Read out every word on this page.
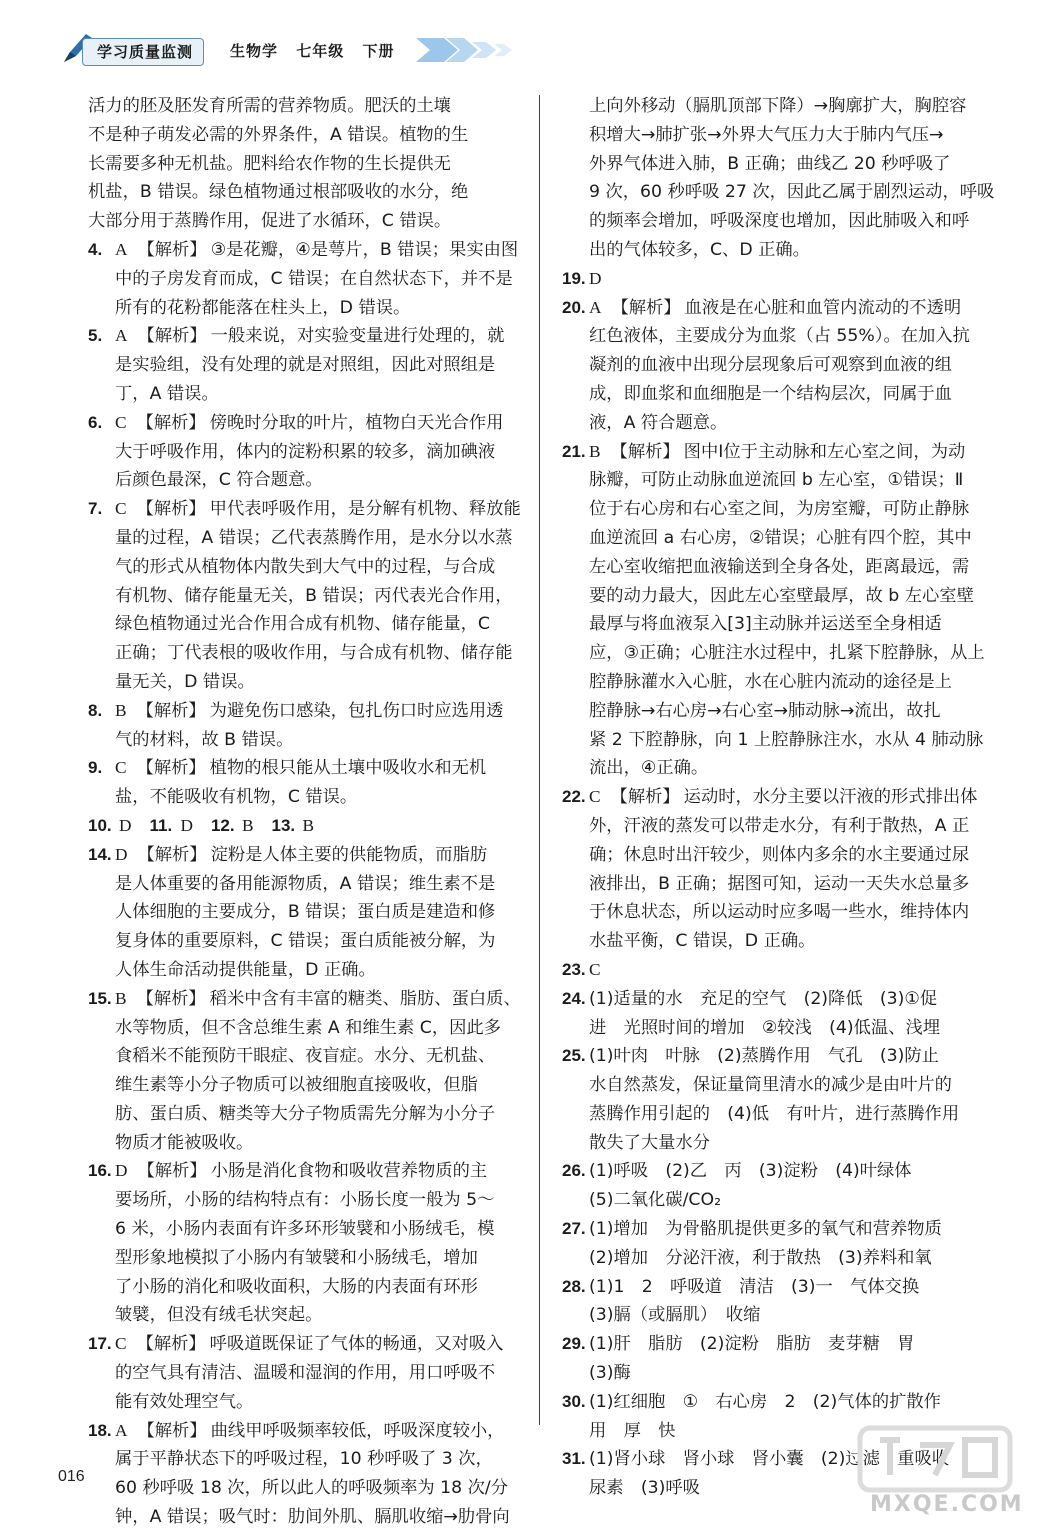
学习质量监测	生物学 七年级 下册

活力的胚及胚发育所需的营养物质。肥沃的土壤

不是种子萌发必需的外界条件，A 错误。植物的生

长需要多种无机盐。肥料给农作物的生长提供无

机盐，B 错误。绿色植物通过根部吸收的水分，绝

大部分用于蒸腾作用，促进了水循环，C 错误。

4. A 【解析】 ③是花瓣，④是萼片，B 错误；果实由图

中的子房发育而成，C 错误；在自然状态下，并不是

所有的花粉都能落在柱头上，D 错误。

5. A 【解析】 一般来说，对实验变量进行处理的，就

是实验组，没有处理的就是对照组，因此对照组是

丁，A 错误。

6. C 【解析】 傍晚时分取的叶片，植物白天光合作用

大于呼吸作用，体内的淀粉积累的较多，滴加碘液

后颜色最深，C 符合题意。

7. C 【解析】 甲代表呼吸作用，是分解有机物、释放能

量的过程，A 错误；乙代表蒸腾作用，是水分以水蒸

气的形式从植物体内散失到大气中的过程，与合成

有机物、储存能量无关，B 错误；丙代表光合作用，

绿色植物通过光合作用合成有机物、储存能量，C

正确；丁代表根的吸收作用，与合成有机物、储存能

量无关，D 错误。

8. B 【解析】 为避免伤口感染，包扎伤口时应选用透

气的材料，故 B 错误。

9. C 【解析】 植物的根只能从土壤中吸收水和无机

盐，不能吸收有机物，C 错误。

10. D 11. D 12. B 13. B

14. D 【解析】 淀粉是人体主要的供能物质，而脂肪

是人体重要的备用能源物质，A 错误；维生素不是

人体细胞的主要成分，B 错误；蛋白质是建造和修

复身体的重要原料，C 错误；蛋白质能被分解，为

人体生命活动提供能量，D 正确。

15. B 【解析】 稻米中含有丰富的糖类、脂肪、蛋白质、

水等物质，但不含总维生素 A 和维生素 C，因此多

食稻米不能预防干眼症、夜盲症。水分、无机盐、

维生素等小分子物质可以被细胞直接吸收，但脂

肪、蛋白质、糖类等大分子物质需先分解为小分子

物质才能被吸收。

16. D 【解析】 小肠是消化食物和吸收营养物质的主

要场所，小肠的结构特点有：小肠长度一般为 5～

6 米，小肠内表面有许多环形皱襞和小肠绒毛，模

型形象地模拟了小肠内有皱襞和小肠绒毛，增加

了小肠的消化和吸收面积，大肠的内表面有环形

皱襞，但没有绒毛状突起。

17. C 【解析】 呼吸道既保证了气体的畅通，又对吸入

的空气具有清洁、温暖和湿润的作用，用口呼吸不

能有效处理空气。

18. A 【解析】 曲线甲呼吸频率较低，呼吸深度较小，

属于平静状态下的呼吸过程，10 秒呼吸了 3 次，

60 秒呼吸 18 次，所以此人的呼吸频率为 18 次/分

钟，A 错误；吸气时：肋间外肌、膈肌收缩→肋骨向

上向外移动（膈肌顶部下降）→胸廓扩大，胸腔容

积增大→肺扩张→外界大气压力大于肺内气压→

外界气体进入肺，B 正确；曲线乙 20 秒呼吸了

9 次，60 秒呼吸 27 次，因此乙属于剧烈运动，呼吸

的频率会增加，呼吸深度也增加，因此肺吸入和呼

出的气体较多，C、D 正确。

19. D

20. A 【解析】 血液是在心脏和血管内流动的不透明

红色液体，主要成分为血浆（占 55%）。在加入抗

凝剂的血液中出现分层现象后可观察到血液的组

成，即血浆和血细胞是一个结构层次，同属于血

液，A 符合题意。

21. B 【解析】 图中Ⅰ位于主动脉和左心室之间，为动

脉瓣，可防止动脉血逆流回 b 左心室，①错误；Ⅱ

位于右心房和右心室之间，为房室瓣，可防止静脉

血逆流回 a 右心房，②错误；心脏有四个腔，其中

左心室收缩把血液输送到全身各处，距离最远，需

要的动力最大，因此左心室壁最厚，故 b 左心室壁

最厚与将血液泵入[3]主动脉并运送至全身相适

应，③正确；心脏注水过程中，扎紧下腔静脉，从上

腔静脉灌水入心脏，水在心脏内流动的途径是上

腔静脉→右心房→右心室→肺动脉→流出，故扎

紧 2 下腔静脉，向 1 上腔静脉注水，水从 4 肺动脉

流出，④正确。

22. C 【解析】 运动时，水分主要以汗液的形式排出体

外，汗液的蒸发可以带走水分，有利于散热，A 正

确；休息时出汗较少，则体内多余的水主要通过尿

液排出，B 正确；据图可知，运动一天失水总量多

于休息状态，所以运动时应多喝一些水，维持体内

水盐平衡，C 错误，D 正确。

23. C

24. (1)适量的水　充足的空气　(2)降低　(3)①促

进　光照时间的增加　②较浅　(4)低温、浅埋

25. (1)叶肉　叶脉　(2)蒸腾作用　气孔　(3)防止

水自然蒸发，保证量筒里清水的减少是由叶片的

蒸腾作用引起的　(4)低　有叶片，进行蒸腾作用

散失了大量水分

26. (1)呼吸　(2)乙　丙　(3)淀粉　(4)叶绿体

(5)二氧化碳/CO₂

27. (1)增加　为骨骼肌提供更多的氧气和营养物质

(2)增加　分泌汗液，利于散热　(3)养料和氧

28. (1)1　2　呼吸道　清洁　(3)一　气体交换

(3)膈（或膈肌）　收缩

29. (1)肝　脂肪　(2)淀粉　脂肪　麦芽糖　胃

(3)酶

30. (1)红细胞　①　右心房　2　(2)气体的扩散作

用　厚　快

31. (1)肾小球　肾小球　肾小囊　(2)过滤　重吸收

尿素　(3)呼吸

016
MXQE.COM
